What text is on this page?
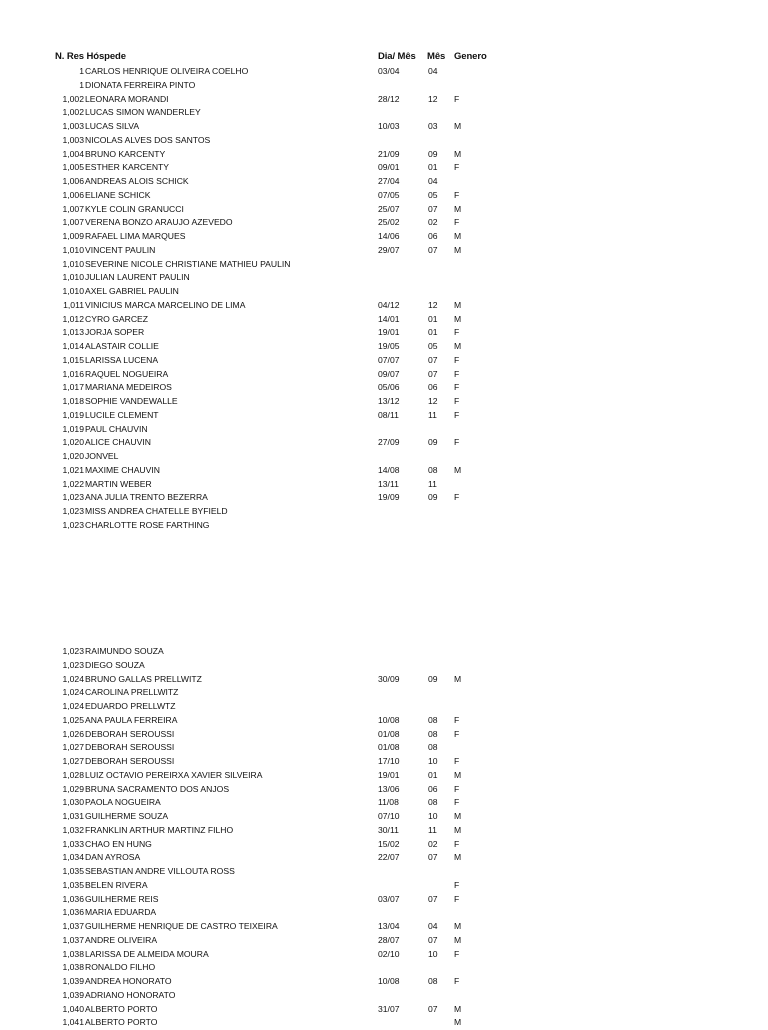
N. Res Hóspede	Dia/ Mês Mês Genero
1 CARLOS HENRIQUE OLIVEIRA COELHO	03/04	04
1 DIONATA FERREIRA PINTO
1,002 LEONARA MORANDI	28/12	12 F
1,002 LUCAS SIMON WANDERLEY
1,003 LUCAS SILVA	10/03	03 M
1,003 NICOLAS ALVES DOS SANTOS
1,004 BRUNO KARCENTY	21/09	09 M
1,005 ESTHER KARCENTY	09/01	01 F
1,006 ANDREAS ALOIS SCHICK	27/04	04
1,006 ELIANE SCHICK	07/05	05 F
1,007 KYLE COLIN GRANUCCI	25/07	07 M
1,007 VERENA BONZO ARAUJO AZEVEDO	25/02	02 F
1,009 RAFAEL LIMA MARQUES	14/06	06 M
1,010 VINCENT PAULIN	29/07	07 M
1,010 SEVERINE NICOLE CHRISTIANE MATHIEU PAULIN
1,010 JULIAN LAURENT PAULIN
1,010 AXEL GABRIEL PAULIN
1,011 VINICIUS MARCA MARCELINO DE LIMA	04/12	12 M
1,012 CYRO GARCEZ	14/01	01 M
1,013 JORJA SOPER	19/01	01 F
1,014 ALASTAIR COLLIE	19/05	05 M
1,015 LARISSA LUCENA	07/07	07 F
1,016 RAQUEL NOGUEIRA	09/07	07 F
1,017 MARIANA MEDEIROS	05/06	06 F
1,018 SOPHIE VANDEWALLE	13/12	12 F
1,019 LUCILE CLEMENT	08/11	11 F
1,019 PAUL CHAUVIN
1,020 ALICE CHAUVIN	27/09	09 F
1,020 JONVEL
1,021 MAXIME CHAUVIN	14/08	08 M
1,022 MARTIN WEBER	13/11	11
1,023 ANA JULIA TRENTO BEZERRA	19/09	09 F
1,023 MISS ANDREA CHATELLE BYFIELD
1,023 CHARLOTTE ROSE FARTHING
1,023 RAIMUNDO SOUZA
1,023 DIEGO SOUZA
1,024 BRUNO GALLAS PRELLWITZ	30/09	09 M
1,024 CAROLINA PRELLWITZ
1,024 EDUARDO PRELLWTZ
1,025 ANA PAULA FERREIRA	10/08	08 F
1,026 DEBORAH SEROUSSI	01/08	08 F
1,027 DEBORAH SEROUSSI	01/08	08
1,027 DEBORAH SEROUSSI	17/10	10 F
1,028 LUIZ OCTAVIO PEREIRXA XAVIER SILVEIRA	19/01	01 M
1,029 BRUNA SACRAMENTO DOS ANJOS	13/06	06 F
1,030 PAOLA NOGUEIRA	11/08	08 F
1,031 GUILHERME SOUZA	07/10	10 M
1,032 FRANKLIN ARTHUR MARTINZ FILHO	30/11	11 M
1,033 CHAO EN HUNG	15/02	02 F
1,034 DAN AYROSA	22/07	07 M
1,035 SEBASTIAN ANDRE VILLOUTA ROSS
1,035 BELEN RIVERA	F
1,036 GUILHERME REIS	03/07	07 F
1,036 MARIA EDUARDA
1,037 GUILHERME HENRIQUE DE CASTRO TEIXEIRA	13/04	04 M
1,037 ANDRE OLIVEIRA	28/07	07 M
1,038 LARISSA DE ALMEIDA MOURA	02/10	10 F
1,038 RONALDO FILHO
1,039 ANDREA HONORATO	10/08	08 F
1,039 ADRIANO HONORATO
1,040 ALBERTO PORTO	31/07	07 M
1,041 ALBERTO PORTO	M
